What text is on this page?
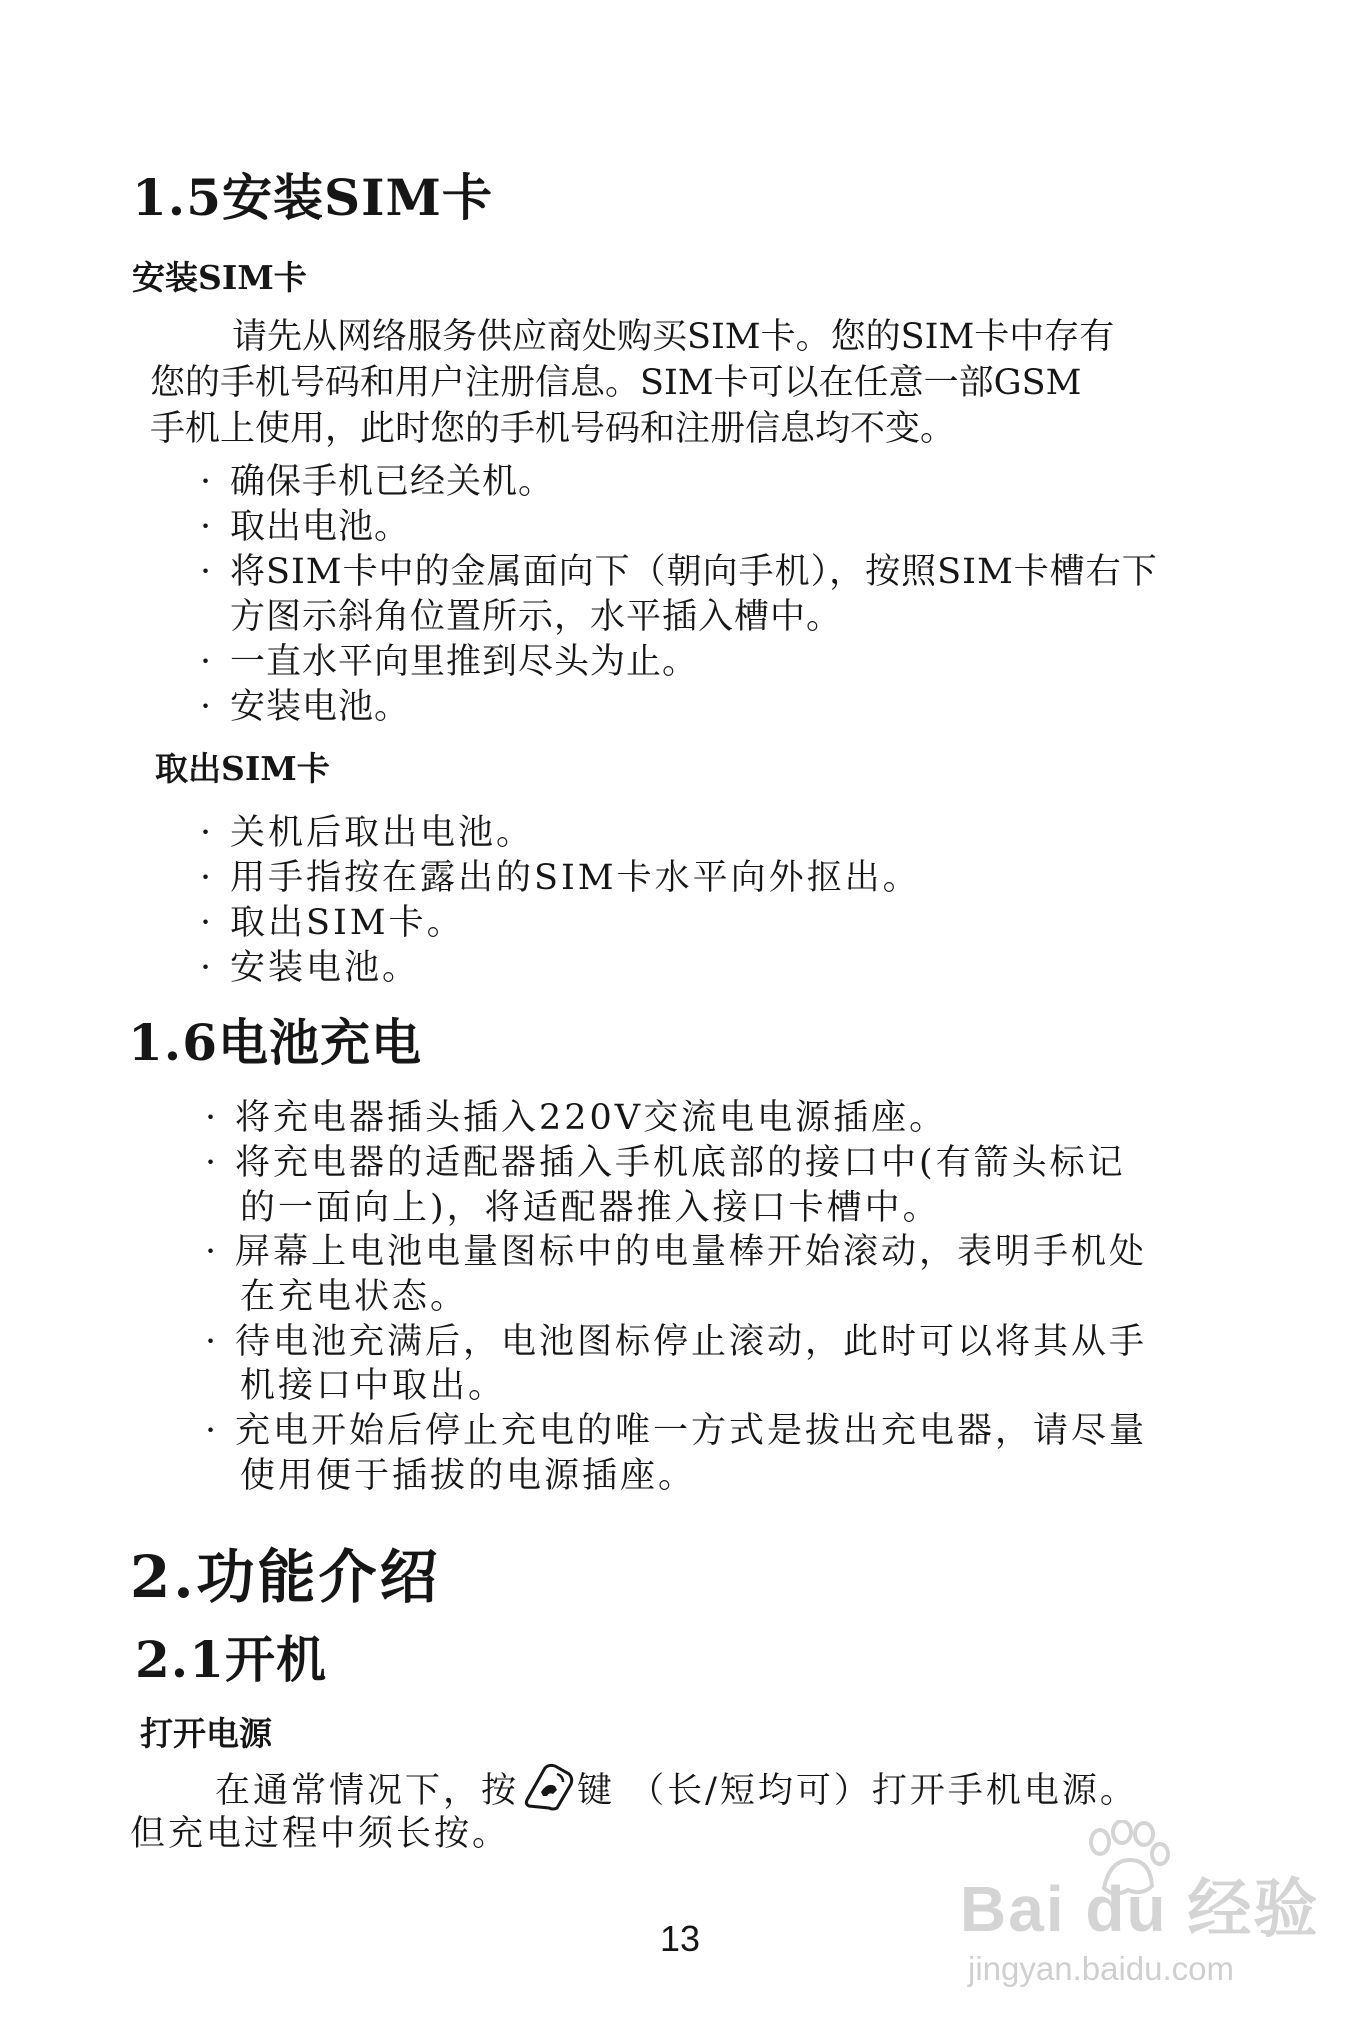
1.5安装SIM卡
安装SIM卡
请先从网络服务供应商处购买SIM卡。您的SIM卡中存有
您的手机号码和用户注册信息。SIM卡可以在任意一部GSM
手机上使用，此时您的手机号码和注册信息均不变。
· 确保手机已经关机。
· 取出电池。
· 将SIM卡中的金属面向下（朝向手机），按照SIM卡槽右下
方图示斜角位置所示，水平插入槽中。
· 一直水平向里推到尽头为止。
· 安装电池。
取出SIM卡
· 关机后取出电池。
· 用手指按在露出的SIM卡水平向外抠出。
· 取出SIM卡。
· 安装电池。
1.6电池充电
· 将充电器插头插入220V交流电电源插座。
· 将充电器的适配器插入手机底部的接口中(有箭头标记
的一面向上)，将适配器推入接口卡槽中。
· 屏幕上电池电量图标中的电量棒开始滚动，表明手机处
在充电状态。
· 待电池充满后，电池图标停止滚动，此时可以将其从手
机接口中取出。
· 充电开始后停止充电的唯一方式是拔出充电器，请尽量
使用便于插拔的电源插座。
2.功能介绍
2.1开机
打开电源
在通常情况下，按 键 （长/短均可）打开手机电源。
但充电过程中须长按。
13	Bai du 经验
jingyan.baidu.com
